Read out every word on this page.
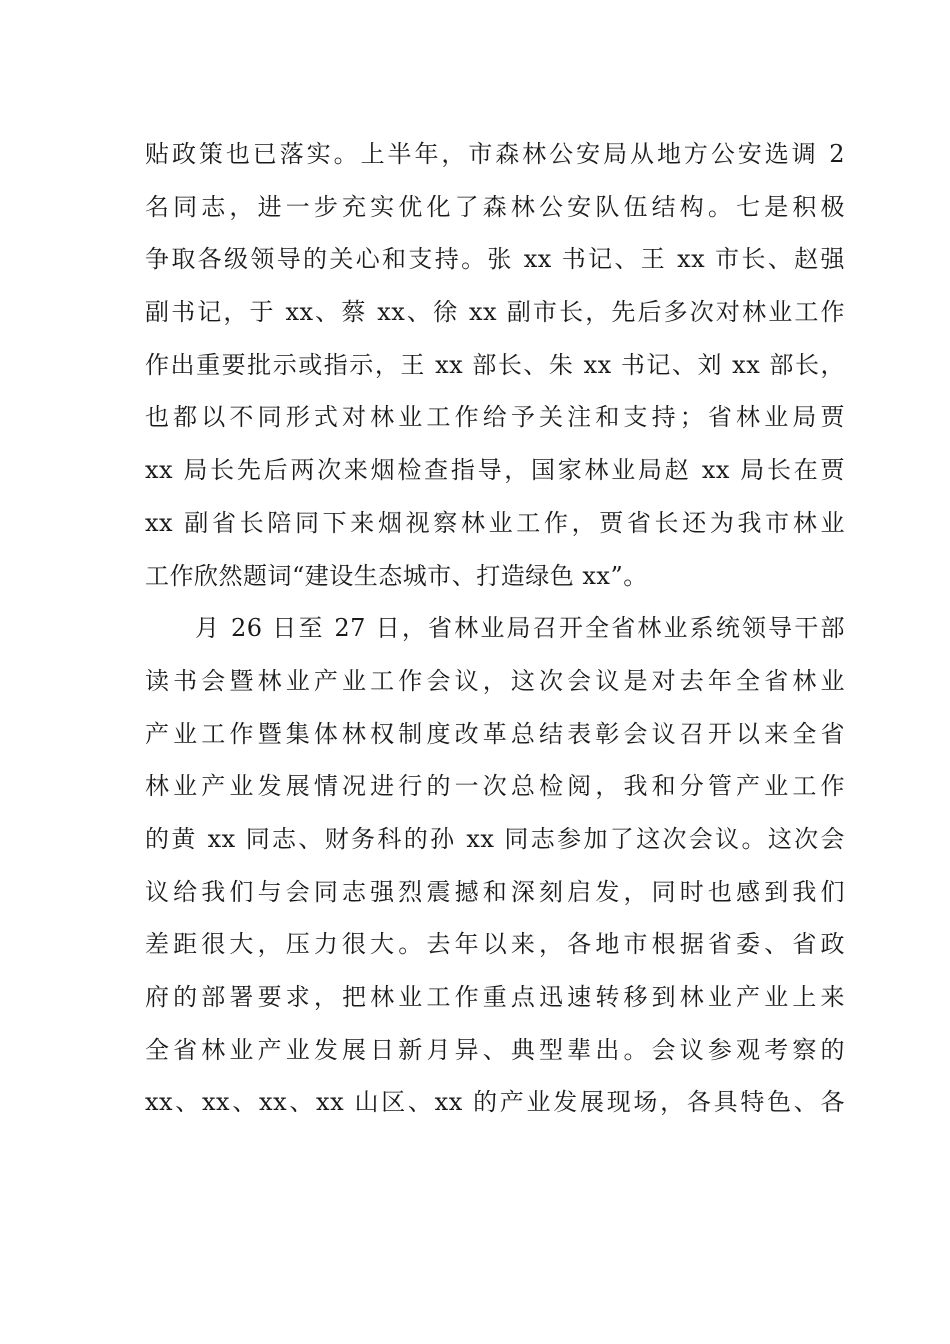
贴政策也已落实。上半年，市森林公安局从地方公安选调 2
名同志，进一步充实优化了森林公安队伍结构。七是积极
争取各级领导的关心和支持。张 xx 书记、王 xx 市长、赵强
副书记，于 xx、蔡 xx、徐 xx 副市长，先后多次对林业工作
作出重要批示或指示，王 xx 部长、朱 xx 书记、刘 xx 部长，
也都以不同形式对林业工作给予关注和支持；省林业局贾
xx 局长先后两次来烟检查指导，国家林业局赵 xx 局长在贾
xx 副省长陪同下来烟视察林业工作，贾省长还为我市林业
工作欣然题词“建设生态城市、打造绿色 xx”。
月 26 日至 27 日，省林业局召开全省林业系统领导干部
读书会暨林业产业工作会议，这次会议是对去年全省林业
产业工作暨集体林权制度改革总结表彰会议召开以来全省
林业产业发展情况进行的一次总检阅，我和分管产业工作
的黄 xx 同志、财务科的孙 xx 同志参加了这次会议。这次会
议给我们与会同志强烈震撼和深刻启发，同时也感到我们
差距很大，压力很大。去年以来，各地市根据省委、省政
府的部署要求，把林业工作重点迅速转移到林业产业上来
全省林业产业发展日新月异、典型辈出。会议参观考察的
xx、xx、xx、xx 山区、xx 的产业发展现场，各具特色、各
